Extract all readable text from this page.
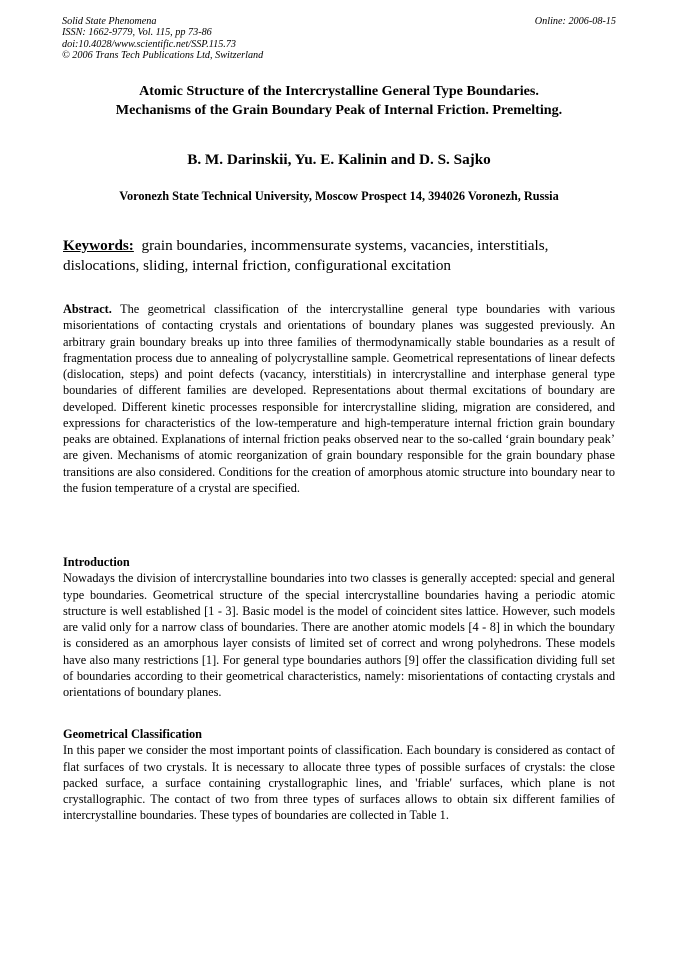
Solid State Phenomena
ISSN: 1662-9779, Vol. 115, pp 73-86
doi:10.4028/www.scientific.net/SSP.115.73
© 2006 Trans Tech Publications Ltd, Switzerland
Online: 2006-08-15
Atomic Structure of the Intercrystalline General Type Boundaries.
Mechanisms of the Grain Boundary Peak of Internal Friction. Premelting.
B. M. Darinskii, Yu. E. Kalinin and D. S. Sajko
Voronezh State Technical University, Moscow Prospect 14, 394026 Voronezh, Russia
Keywords: grain boundaries, incommensurate systems, vacancies, interstitials, dislocations, sliding, internal friction, configurational excitation
Abstract. The geometrical classification of the intercrystalline general type boundaries with various misorientations of contacting crystals and orientations of boundary planes was suggested previously. An arbitrary grain boundary breaks up into three families of thermodynamically stable boundaries as a result of fragmentation process due to annealing of polycrystalline sample. Geometrical representations of linear defects (dislocation, steps) and point defects (vacancy, interstitials) in intercrystalline and interphase general type boundaries of different families are developed. Representations about thermal excitations of boundary are developed. Different kinetic processes responsible for intercrystalline sliding, migration are considered, and expressions for characteristics of the low-temperature and high-temperature internal friction grain boundary peaks are obtained. Explanations of internal friction peaks observed near to the so-called ‘grain boundary peak’ are given. Mechanisms of atomic reorganization of grain boundary responsible for the grain boundary phase transitions are also considered. Conditions for the creation of amorphous atomic structure into boundary near to the fusion temperature of a crystal are specified.
Introduction
Nowadays the division of intercrystalline boundaries into two classes is generally accepted: special and general type boundaries. Geometrical structure of the special intercrystalline boundaries having a periodic atomic structure is well established [1 - 3]. Basic model is the model of coincident sites lattice. However, such models are valid only for a narrow class of boundaries. There are another atomic models [4 - 8] in which the boundary is considered as an amorphous layer consists of limited set of correct and wrong polyhedrons. These models have also many restrictions [1]. For general type boundaries authors [9] offer the classification dividing full set of boundaries according to their geometrical characteristics, namely: misorientations of contacting crystals and orientations of boundary planes.
Geometrical Classification
In this paper we consider the most important points of classification. Each boundary is considered as contact of flat surfaces of two crystals. It is necessary to allocate three types of possible surfaces of crystals: the close packed surface, a surface containing crystallographic lines, and 'friable' surfaces, which plane is not crystallographic. The contact of two from three types of surfaces allows to obtain six different families of intercrystalline boundaries. These types of boundaries are collected in Table 1.
